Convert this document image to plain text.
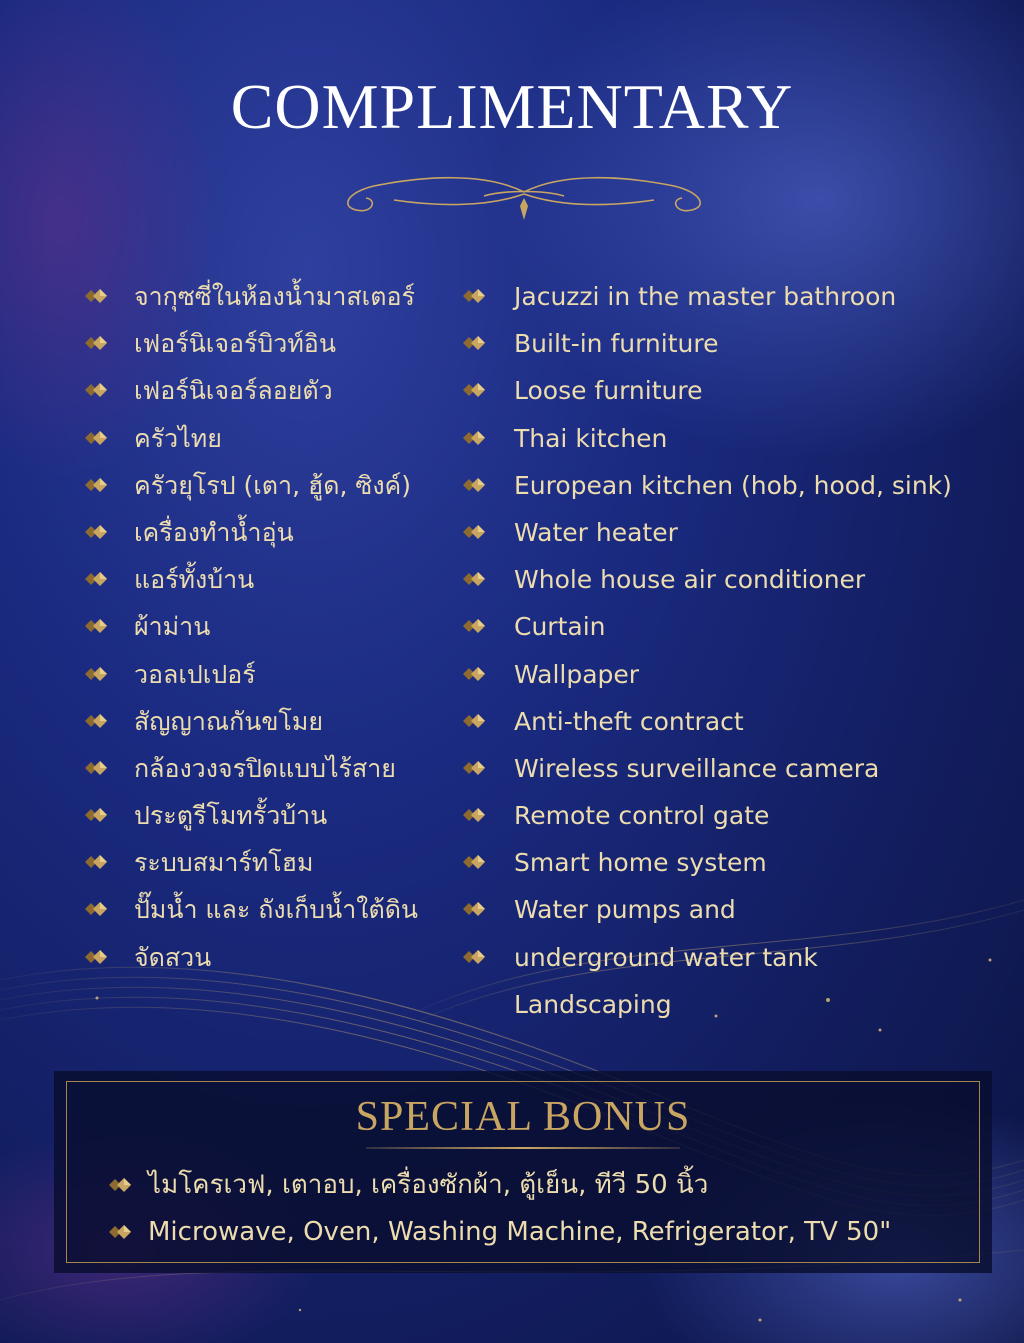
COMPLIMENTARY
จากุซซี่ในห้องน้ำมาสเตอร์
เฟอร์นิเจอร์บิวท์อิน
เฟอร์นิเจอร์ลอยตัว
ครัวไทย
ครัวยุโรป (เตา, ฮู้ด, ซิงค์)
เครื่องทำน้ำอุ่น
แอร์ทั้งบ้าน
ผ้าม่าน
วอลเปเปอร์
สัญญาณกันขโมย
กล้องวงจรปิดแบบไร้สาย
ประตูรีโมทรั้วบ้าน
ระบบสมาร์ทโฮม
ปั๊มน้ำ และ ถังเก็บน้ำใต้ดิน
จัดสวน
Jacuzzi in the master bathroon
Built-in furniture
Loose furniture
Thai kitchen
European kitchen (hob, hood, sink)
Water heater
Whole house air conditioner
Curtain
Wallpaper
Anti-theft contract
Wireless surveillance camera
Remote control gate
Smart home system
Water pumps and
underground water tank
Landscaping
SPECIAL BONUS
ไมโครเวฟ, เตาอบ, เครื่องซักผ้า, ตู้เย็น, ทีวี 50 นิ้ว
Microwave, Oven, Washing Machine, Refrigerator, TV 50"
